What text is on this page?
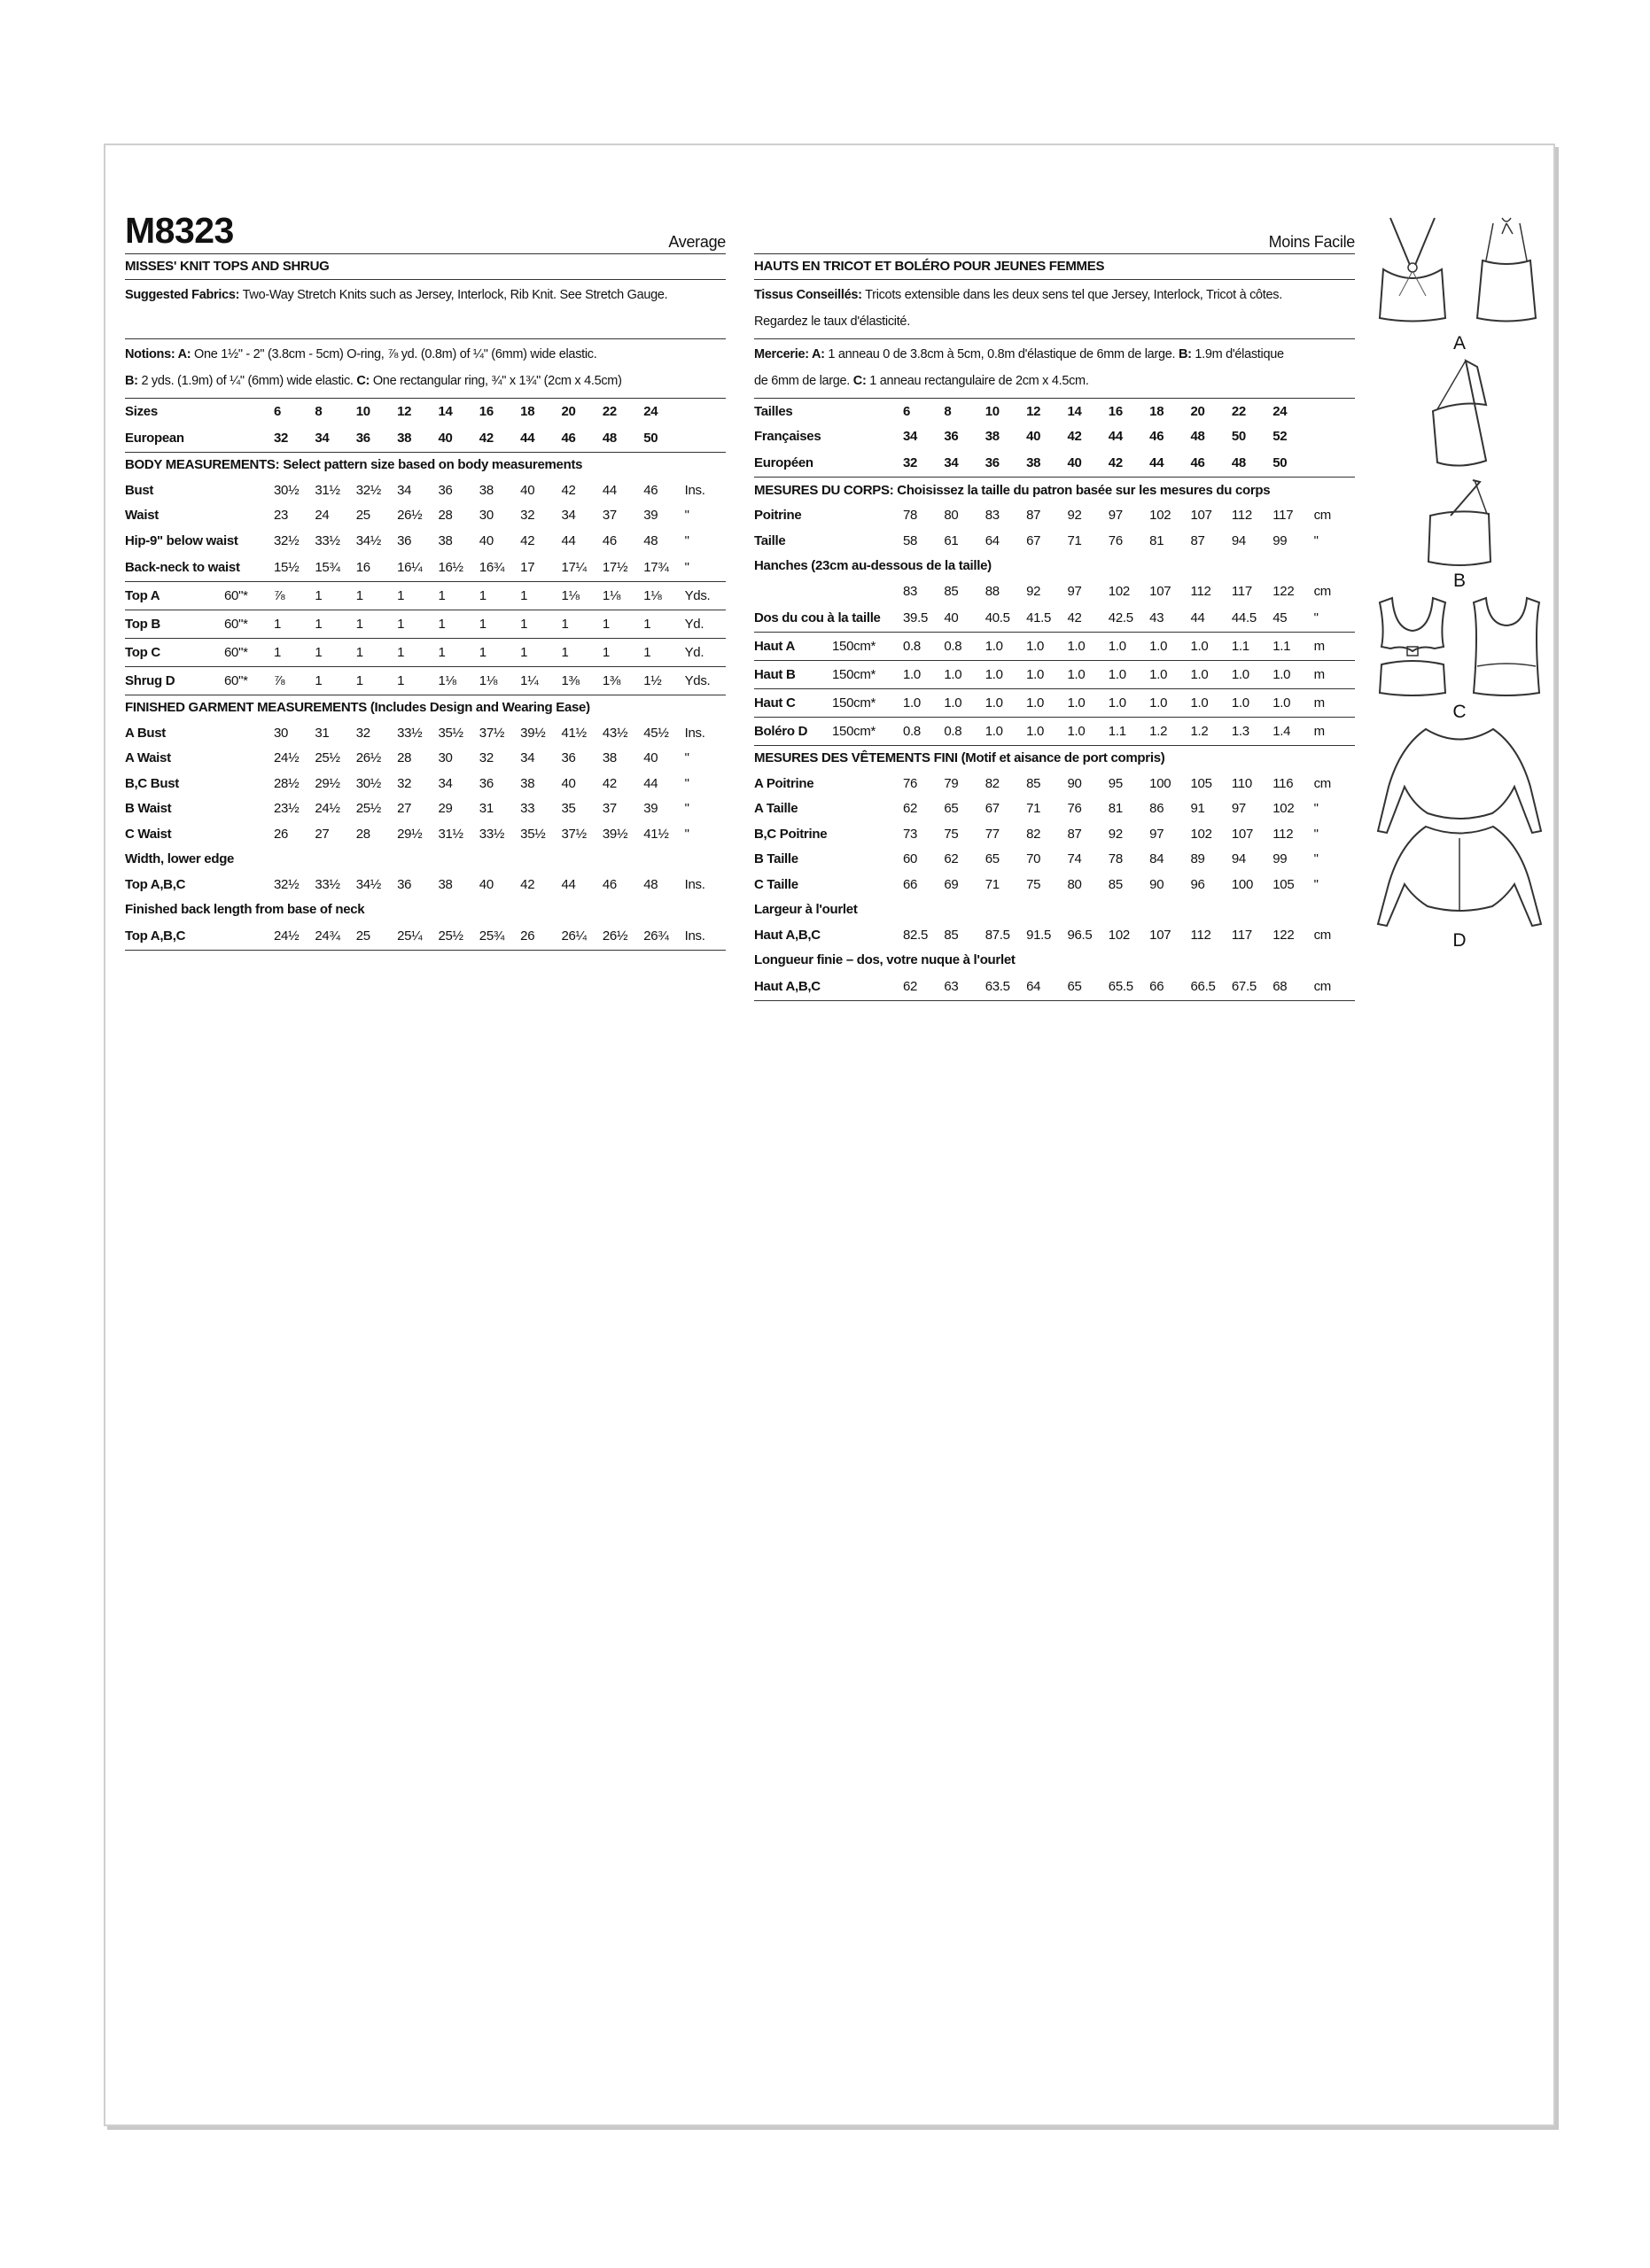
M8323	Average
MISSES' KNIT TOPS AND SHRUG
Suggested Fabrics: Two-Way Stretch Knits such as Jersey, Interlock, Rib Knit. See Stretch Gauge.

Notions: A: One 1½" - 2" (3.8cm - 5cm) O-ring, ⅞ yd. (0.8m) of ¼" (6mm) wide elastic.
B: 2 yds. (1.9m) of ¼" (6mm) wide elastic. C: One rectangular ring, ¾" x 1¾" (2cm x 4.5cm)
Sizes		6	8	10	12	14	16	18	20	22	24	
European		32	34	36	38	40	42	44	46	48	50	
BODY MEASUREMENTS: Select pattern size based on body measurements												
Bust		30½	31½	32½	34	36	38	40	42	44	46	Ins.
Waist		23	24	25	26½	28	30	32	34	37	39	"
Hip-9" below waist		32½	33½	34½	36	38	40	42	44	46	48	"
Back-neck to waist		15½	15¾	16	16¼	16½	16¾	17	17¼	17½	17¾	"
Top A	60"*	⅞	1	1	1	1	1	1	1⅛	1⅛	1⅛	Yds.
Top B	60"*	1	1	1	1	1	1	1	1	1	1	Yd.
Top C	60"*	1	1	1	1	1	1	1	1	1	1	Yd.
Shrug D	60"*	⅞	1	1	1	1⅛	1⅛	1¼	1⅜	1⅜	1½	Yds.
FINISHED GARMENT MEASUREMENTS (Includes Design and Wearing Ease)												
A Bust		30	31	32	33½	35½	37½	39½	41½	43½	45½	Ins.
A Waist		24½	25½	26½	28	30	32	34	36	38	40	"
B,C Bust		28½	29½	30½	32	34	36	38	40	42	44	"
B Waist		23½	24½	25½	27	29	31	33	35	37	39	"
C Waist		26	27	28	29½	31½	33½	35½	37½	39½	41½	"
Width, lower edge												
Top A,B,C		32½	33½	34½	36	38	40	42	44	46	48	Ins.
Finished back length from base of neck												
Top A,B,C		24½	24¾	25	25¼	25½	25¾	26	26¼	26½	26¾	Ins.
Moins Facile
HAUTS EN TRICOT ET BOLÉRO POUR JEUNES FEMMES
Tissus Conseillés: Tricots extensible dans les deux sens tel que Jersey, Interlock, Tricot à côtes.
Regardez le taux d'élasticité.
Mercerie: A: 1 anneau 0 de 3.8cm à 5cm, 0.8m d'élastique de 6mm de large. B: 1.9m d'élastique
de 6mm de large. C: 1 anneau rectangulaire de 2cm x 4.5cm.
Tailles		6	8	10	12	14	16	18	20	22	24	
Françaises		34	36	38	40	42	44	46	48	50	52	
Européen		32	34	36	38	40	42	44	46	48	50	
MESURES DU CORPS: Choisissez la taille du patron basée sur les mesures du corps												
Poitrine		78	80	83	87	92	97	102	107	112	117	cm
Taille		58	61	64	67	71	76	81	87	94	99	"
Hanches (23cm au-dessous de la taille)												
		83	85	88	92	97	102	107	112	117	122	cm
Dos du cou à la taille		39.5	40	40.5	41.5	42	42.5	43	44	44.5	45	"
Haut A	150cm*	0.8	0.8	1.0	1.0	1.0	1.0	1.0	1.0	1.1	1.1	m
Haut B	150cm*	1.0	1.0	1.0	1.0	1.0	1.0	1.0	1.0	1.0	1.0	m
Haut C	150cm*	1.0	1.0	1.0	1.0	1.0	1.0	1.0	1.0	1.0	1.0	m
Boléro D	150cm*	0.8	0.8	1.0	1.0	1.0	1.1	1.2	1.2	1.3	1.4	m
MESURES DES VÊTEMENTS FINI (Motif et aisance de port compris)												
A Poitrine		76	79	82	85	90	95	100	105	110	116	cm
A Taille		62	65	67	71	76	81	86	91	97	102	"
B,C Poitrine		73	75	77	82	87	92	97	102	107	112	"
B Taille		60	62	65	70	74	78	84	89	94	99	"
C Taille		66	69	71	75	80	85	90	96	100	105	"
Largeur à l'ourlet												
Haut A,B,C		82.5	85	87.5	91.5	96.5	102	107	112	117	122	cm
Longueur finie – dos, votre nuque à l'ourlet												
Haut A,B,C		62	63	63.5	64	65	65.5	66	66.5	67.5	68	cm
A
B
C
D
